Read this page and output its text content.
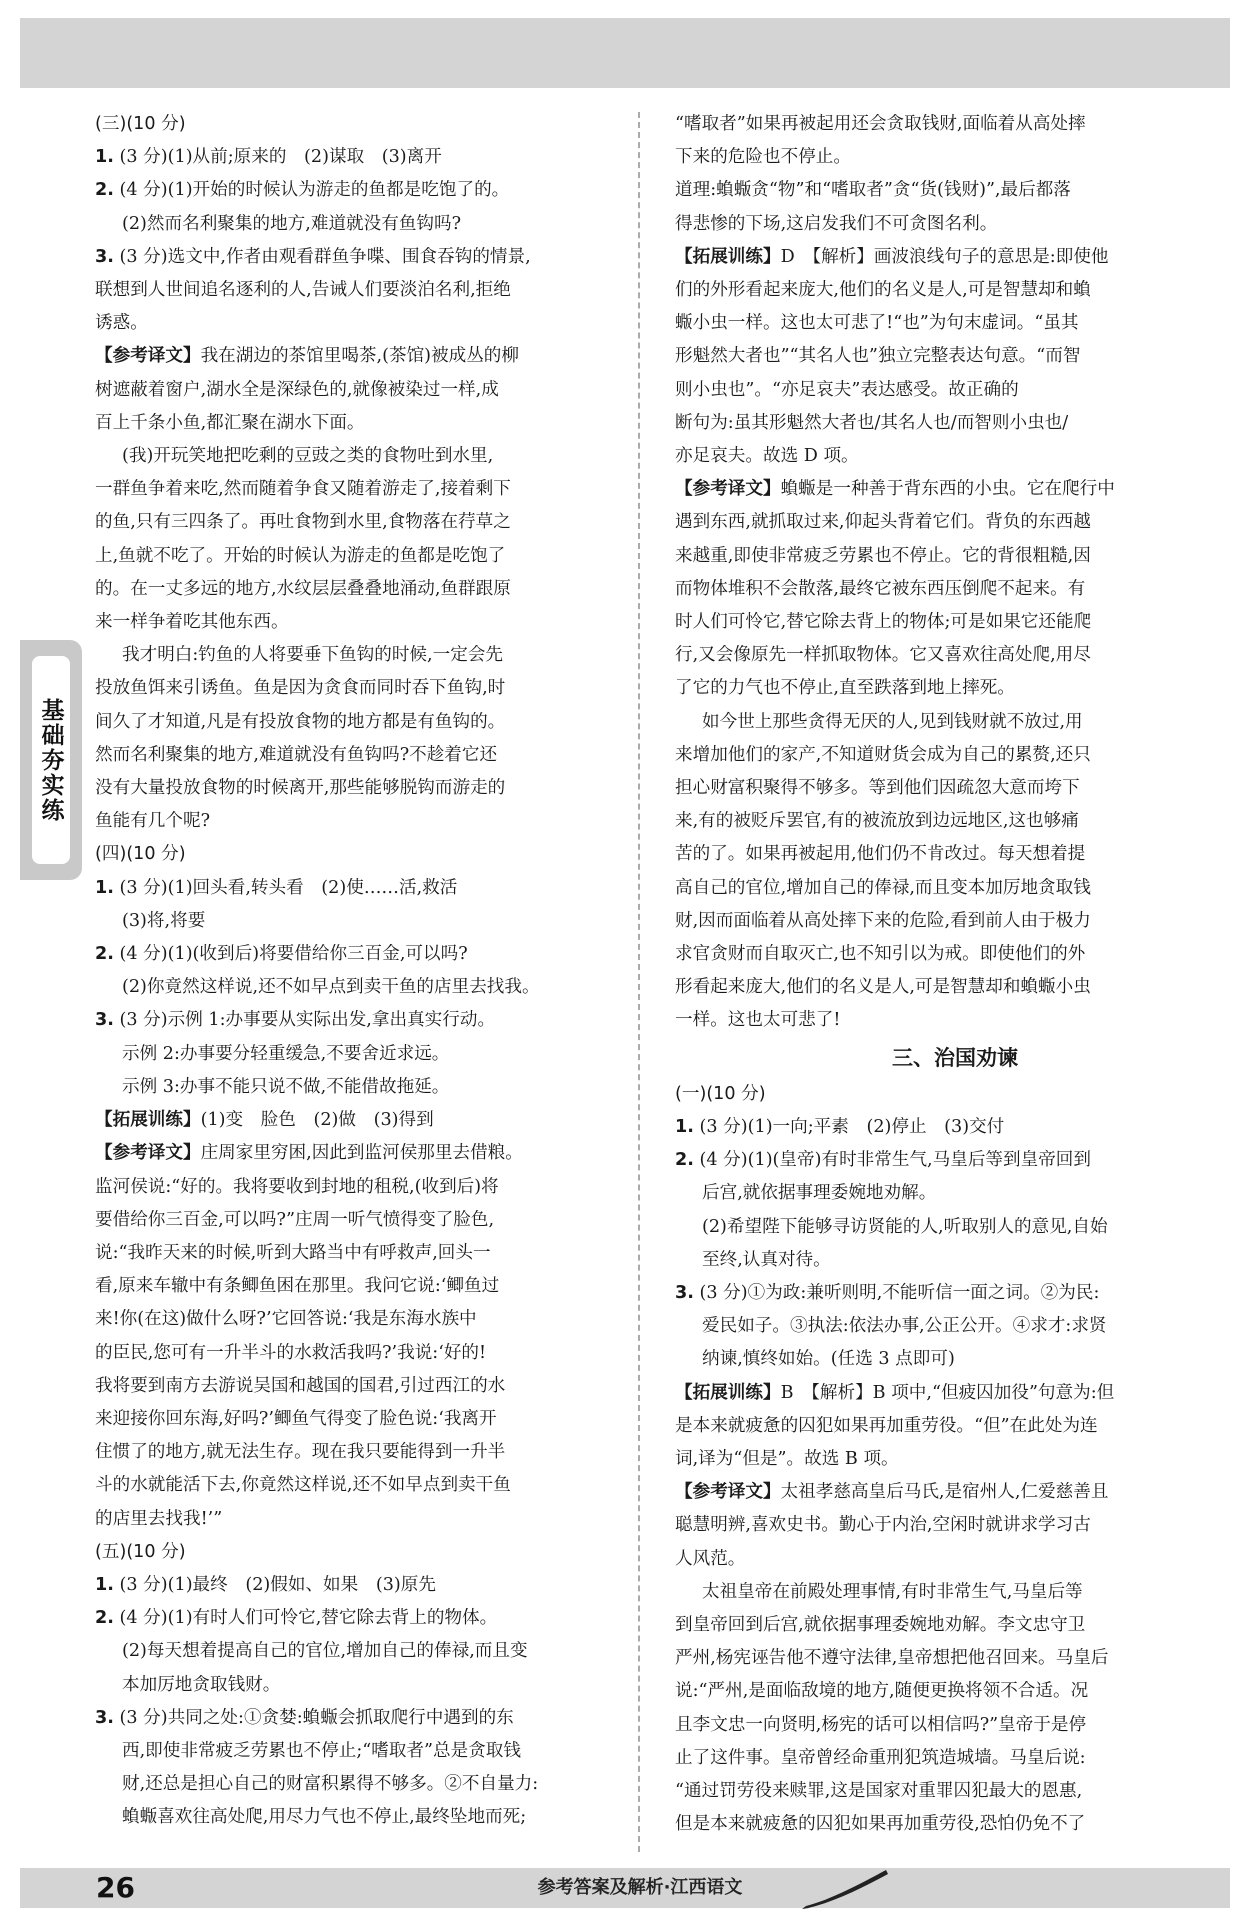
基础夯实练
(三)(10 分)
1. (3 分)(1)从前;原来的　(2)谋取　(3)离开
2. (4 分)(1)开始的时候认为游走的鱼都是吃饱了的。
(2)然而名利聚集的地方,难道就没有鱼钩吗?
3. (3 分)选文中,作者由观看群鱼争喋、围食吞钩的情景,
联想到人世间追名逐利的人,告诫人们要淡泊名利,拒绝
诱惑。
【参考译文】我在湖边的茶馆里喝茶,(茶馆)被成丛的柳
树遮蔽着窗户,湖水全是深绿色的,就像被染过一样,成
百上千条小鱼,都汇聚在湖水下面。
(我)开玩笑地把吃剩的豆豉之类的食物吐到水里,
一群鱼争着来吃,然而随着争食又随着游走了,接着剩下
的鱼,只有三四条了。再吐食物到水里,食物落在荇草之
上,鱼就不吃了。开始的时候认为游走的鱼都是吃饱了
的。在一丈多远的地方,水纹层层叠叠地涌动,鱼群跟原
来一样争着吃其他东西。
我才明白:钓鱼的人将要垂下鱼钩的时候,一定会先
投放鱼饵来引诱鱼。鱼是因为贪食而同时吞下鱼钩,时
间久了才知道,凡是有投放食物的地方都是有鱼钩的。
然而名利聚集的地方,难道就没有鱼钩吗?不趁着它还
没有大量投放食物的时候离开,那些能够脱钩而游走的
鱼能有几个呢?
(四)(10 分)
1. (3 分)(1)回头看,转头看　(2)使……活,救活
(3)将,将要
2. (4 分)(1)(收到后)将要借给你三百金,可以吗?
(2)你竟然这样说,还不如早点到卖干鱼的店里去找我。
3. (3 分)示例 1:办事要从实际出发,拿出真实行动。
示例 2:办事要分轻重缓急,不要舍近求远。
示例 3:办事不能只说不做,不能借故拖延。
【拓展训练】(1)变　脸色　(2)做　(3)得到
【参考译文】庄周家里穷困,因此到监河侯那里去借粮。
监河侯说:“好的。我将要收到封地的租税,(收到后)将
要借给你三百金,可以吗?”庄周一听气愤得变了脸色,
说:“我昨天来的时候,听到大路当中有呼救声,回头一
看,原来车辙中有条鲫鱼困在那里。我问它说:‘鲫鱼过
来!你(在这)做什么呀?’它回答说:‘我是东海水族中
的臣民,您可有一升半斗的水救活我吗?’我说:‘好的!
我将要到南方去游说吴国和越国的国君,引过西江的水
来迎接你回东海,好吗?’鲫鱼气得变了脸色说:‘我离开
住惯了的地方,就无法生存。现在我只要能得到一升半
斗的水就能活下去,你竟然这样说,还不如早点到卖干鱼
的店里去找我!’”
(五)(10 分)
1. (3 分)(1)最终　(2)假如、如果　(3)原先
2. (4 分)(1)有时人们可怜它,替它除去背上的物体。
(2)每天想着提高自己的官位,增加自己的俸禄,而且变
本加厉地贪取钱财。
3. (3 分)共同之处:①贪婪:蝜蝂会抓取爬行中遇到的东
西,即使非常疲乏劳累也不停止;“嗜取者”总是贪取钱
财,还总是担心自己的财富积累得不够多。②不自量力:
蝜蝂喜欢往高处爬,用尽力气也不停止,最终坠地而死;
“嗜取者”如果再被起用还会贪取钱财,面临着从高处摔
下来的危险也不停止。
道理:蝜蝂贪“物”和“嗜取者”贪“货(钱财)”,最后都落
得悲惨的下场,这启发我们不可贪图名利。
【拓展训练】D　【解析】画波浪线句子的意思是:即使他
们的外形看起来庞大,他们的名义是人,可是智慧却和蝜
蝂小虫一样。这也太可悲了!“也”为句末虚词。“虽其
形魁然大者也”“其名人也”独立完整表达句意。“而智
则小虫也”。“亦足哀夫”表达感受。故正确的
断句为:虽其形魁然大者也/其名人也/而智则小虫也/
亦足哀夫。故选 D 项。
【参考译文】蝜蝂是一种善于背东西的小虫。它在爬行中
遇到东西,就抓取过来,仰起头背着它们。背负的东西越
来越重,即使非常疲乏劳累也不停止。它的背很粗糙,因
而物体堆积不会散落,最终它被东西压倒爬不起来。有
时人们可怜它,替它除去背上的物体;可是如果它还能爬
行,又会像原先一样抓取物体。它又喜欢往高处爬,用尽
了它的力气也不停止,直至跌落到地上摔死。
如今世上那些贪得无厌的人,见到钱财就不放过,用
来增加他们的家产,不知道财货会成为自己的累赘,还只
担心财富积聚得不够多。等到他们因疏忽大意而垮下
来,有的被贬斥罢官,有的被流放到边远地区,这也够痛
苦的了。如果再被起用,他们仍不肯改过。每天想着提
高自己的官位,增加自己的俸禄,而且变本加厉地贪取钱
财,因而面临着从高处摔下来的危险,看到前人由于极力
求官贪财而自取灭亡,也不知引以为戒。即使他们的外
形看起来庞大,他们的名义是人,可是智慧却和蝜蝂小虫
一样。这也太可悲了!
三、治国劝谏
(一)(10 分)
1. (3 分)(1)一向;平素　(2)停止　(3)交付
2. (4 分)(1)(皇帝)有时非常生气,马皇后等到皇帝回到
后宫,就依据事理委婉地劝解。
(2)希望陛下能够寻访贤能的人,听取别人的意见,自始
至终,认真对待。
3. (3 分)①为政:兼听则明,不能听信一面之词。②为民:
爱民如子。③执法:依法办事,公正公开。④求才:求贤
纳谏,慎终如始。(任选 3 点即可)
【拓展训练】B　【解析】B 项中,“但疲囚加役”句意为:但
是本来就疲惫的囚犯如果再加重劳役。“但”在此处为连
词,译为“但是”。故选 B 项。
【参考译文】太祖孝慈高皇后马氏,是宿州人,仁爱慈善且
聪慧明辨,喜欢史书。勤心于内治,空闲时就讲求学习古
人风范。
太祖皇帝在前殿处理事情,有时非常生气,马皇后等
到皇帝回到后宫,就依据事理委婉地劝解。李文忠守卫
严州,杨宪诬告他不遵守法律,皇帝想把他召回来。马皇后
说:“严州,是面临敌境的地方,随便更换将领不合适。况
且李文忠一向贤明,杨宪的话可以相信吗?”皇帝于是停
止了这件事。皇帝曾经命重刑犯筑造城墙。马皇后说:
“通过罚劳役来赎罪,这是国家对重罪囚犯最大的恩惠,
但是本来就疲惫的囚犯如果再加重劳役,恐怕仍免不了
26	参考答案及解析·江西语文
